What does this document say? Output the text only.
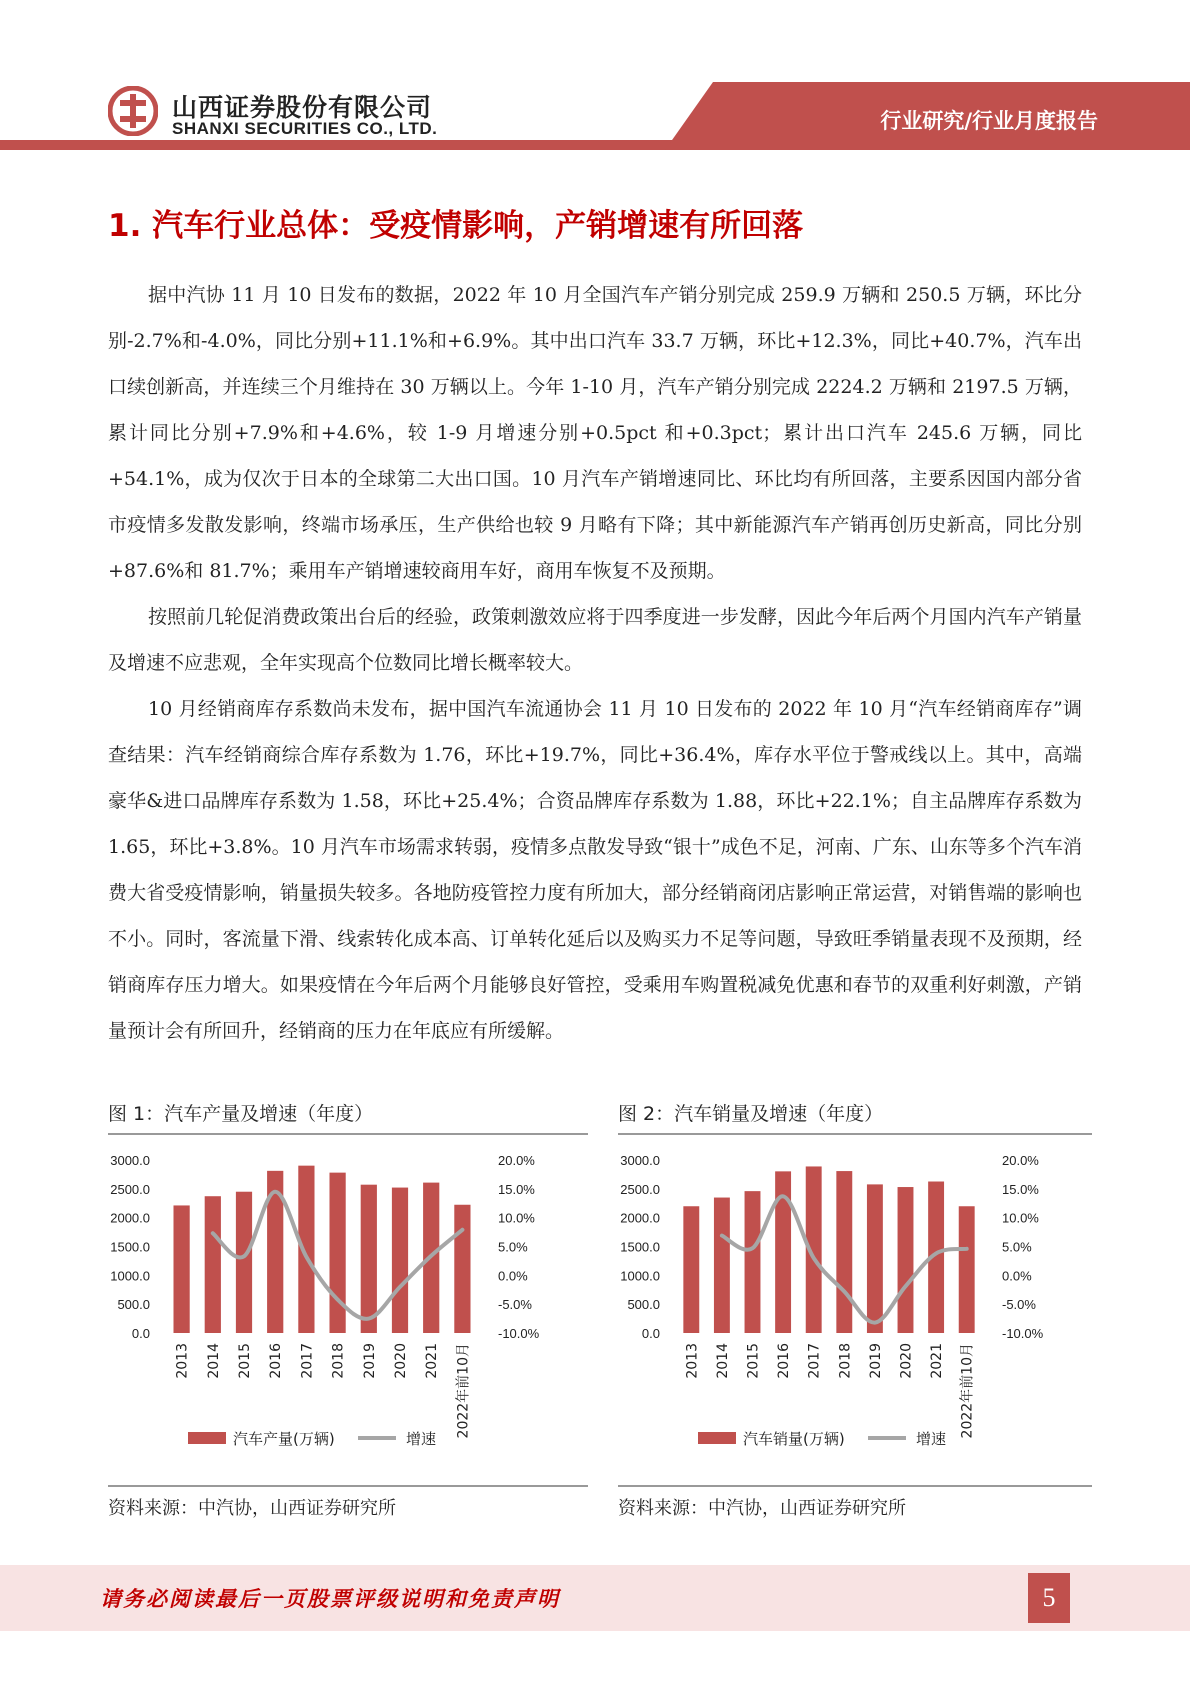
山西证券股份有限公司
SHANXI SECURITIES CO., LTD.	行业研究/行业月度报告
1. 汽车行业总体：受疫情影响，产销增速有所回落

据中汽协 11 月 10 日发布的数据，2022 年 10 月全国汽车产销分别完成 259.9 万辆和 250.5 万辆，环比分别-2.7%和-4.0%，同比分别+11.1%和+6.9%。其中出口汽车 33.7 万辆，环比+12.3%，同比+40.7%，汽车出口续创新高，并连续三个月维持在 30 万辆以上。今年 1-10 月，汽车产销分别完成 2224.2 万辆和 2197.5 万辆，累计同比分别+7.9%和+4.6%，较 1-9 月增速分别+0.5pct 和+0.3pct；累计出口汽车 245.6 万辆，同比+54.1%，成为仅次于日本的全球第二大出口国。10 月汽车产销增速同比、环比均有所回落，主要系因国内部分省市疫情多发散发影响，终端市场承压，生产供给也较 9 月略有下降；其中新能源汽车产销再创历史新高，同比分别+87.6%和 81.7%；乘用车产销增速较商用车好，商用车恢复不及预期。

按照前几轮促消费政策出台后的经验，政策刺激效应将于四季度进一步发酵，因此今年后两个月国内汽车产销量及增速不应悲观，全年实现高个位数同比增长概率较大。

10 月经销商库存系数尚未发布，据中国汽车流通协会 11 月 10 日发布的 2022 年 10 月“汽车经销商库存”调查结果：汽车经销商综合库存系数为 1.76，环比+19.7%，同比+36.4%，库存水平位于警戒线以上。其中，高端豪华&进口品牌库存系数为 1.58，环比+25.4%；合资品牌库存系数为 1.88，环比+22.1%；自主品牌库存系数为 1.65，环比+3.8%。10 月汽车市场需求转弱，疫情多点散发导致“银十”成色不足，河南、广东、山东等多个汽车消费大省受疫情影响，销量损失较多。各地防疫管控力度有所加大，部分经销商闭店影响正常运营，对销售端的影响也不小。同时，客流量下滑、线索转化成本高、订单转化延后以及购买力不足等问题，导致旺季销量表现不及预期，经销商库存压力增大。如果疫情在今年后两个月能够良好管控，受乘用车购置税减免优惠和春节的双重利好刺激，产销量预计会有所回升，经销商的压力在年底应有所缓解。

图 1：汽车产量及增速（年度）
3000.0
2500.0
2000.0
1500.0
1000.0
500.0
0.0
20.0%
15.0%
10.0%
5.0%
0.0%
-5.0%
-10.0%
2013 2014 2015 2016 2017 2018 2019 2020 2021 2022年前10月
汽车产量(万辆)	增速
资料来源：中汽协，山西证券研究所
图 2：汽车销量及增速（年度）
3000.0
2500.0
2000.0
1500.0
1000.0
500.0
0.0
20.0%
15.0%
10.0%
5.0%
0.0%
-5.0%
-10.0%
2013 2014 2015 2016 2017 2018 2019 2020 2021 2022年前10月
汽车销量(万辆)	增速
资料来源：中汽协，山西证券研究所
请务必阅读最后一页股票评级说明和免责声明	5
